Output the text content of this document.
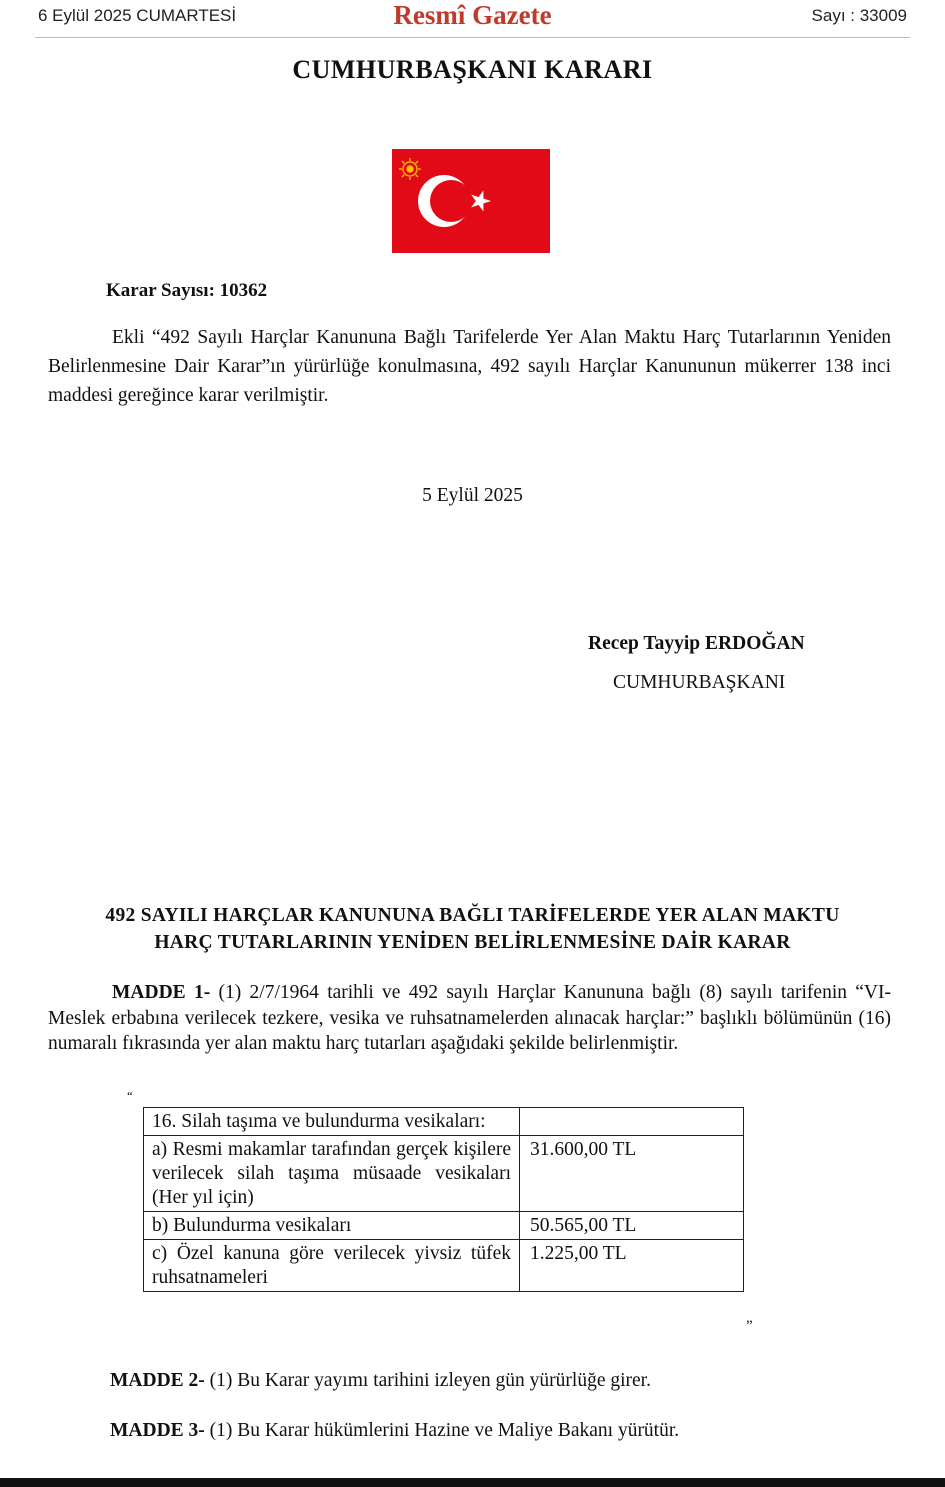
6 Eylül 2025 CUMARTESİ	Resmî Gazete	Sayı : 33009
CUMHURBAŞKANI KARARI
Karar Sayısı: 10362

Ekli “492 Sayılı Harçlar Kanununa Bağlı Tarifelerde Yer Alan Maktu Harç Tutarlarının Yeniden Belirlenmesine Dair Karar”ın yürürlüğe konulmasına, 492 sayılı Harçlar Kanununun mükerrer 138 inci maddesi gereğince karar verilmiştir.

5 Eylül 2025
Recep Tayyip ERDOĞAN
CUMHURBAŞKANI
492 SAYILI HARÇLAR KANUNUNA BAĞLI TARİFELERDE YER ALAN MAKTU
HARÇ TUTARLARININ YENİDEN BELİRLENMESİNE DAİR KARAR

MADDE 1- (1) 2/7/1964 tarihli ve 492 sayılı Harçlar Kanununa bağlı (8) sayılı tarifenin “VI- Meslek erbabına verilecek tezkere, vesika ve ruhsatnamelerden alınacak harçlar:” başlıklı bölümünün (16) numaralı fıkrasında yer alan maktu harç tutarları aşağıdaki şekilde belirlenmiştir.

“
16. Silah taşıma ve bulundurma vesikaları:	
a) Resmi makamlar tarafından gerçek kişilere verilecek silah taşıma müsaade vesikaları (Her yıl için)	31.600,00 TL
b) Bulundurma vesikaları	50.565,00 TL
c) Özel kanuna göre verilecek yivsiz tüfek ruhsatnameleri	1.225,00 TL
”
MADDE 2- (1) Bu Karar yayımı tarihini izleyen gün yürürlüğe girer.
MADDE 3- (1) Bu Karar hükümlerini Hazine ve Maliye Bakanı yürütür.
